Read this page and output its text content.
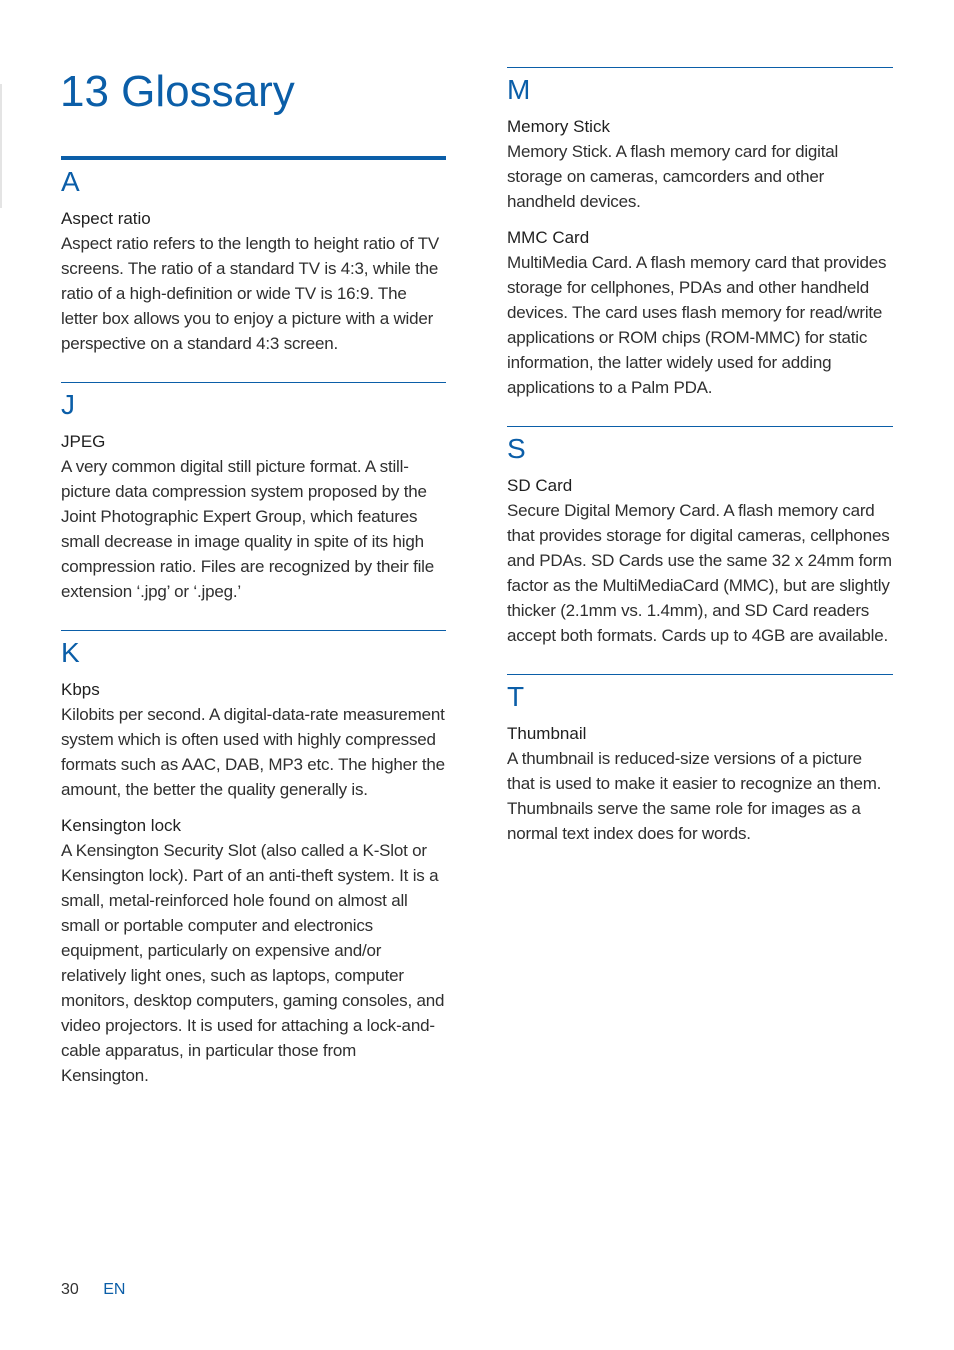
13 Glossary
A
Aspect ratio
Aspect ratio refers to the length to height ratio of TV screens. The ratio of a standard TV is 4:3, while the ratio of a high-definition or wide TV is 16:9. The letter box allows you to enjoy a picture with a wider perspective on a standard 4:3 screen.
J
JPEG
A very common digital still picture format. A still-picture data compression system proposed by the Joint Photographic Expert Group, which features small decrease in image quality in spite of its high compression ratio. Files are recognized by their file extension ‘.jpg’ or ‘.jpeg.’
K
Kbps
Kilobits per second. A digital-data-rate measurement system which is often used with highly compressed formats such as AAC, DAB, MP3 etc. The higher the amount, the better the quality generally is.
Kensington lock
A Kensington Security Slot (also called a K-Slot or Kensington lock). Part of an anti-theft system. It is a small, metal-reinforced hole found on almost all small or portable computer and electronics equipment, particularly on expensive and/or relatively light ones, such as laptops, computer monitors, desktop computers, gaming consoles, and video projectors. It is used for attaching a lock-and-cable apparatus, in particular those from Kensington.
M
Memory Stick
Memory Stick. A flash memory card for digital storage on cameras, camcorders and other handheld devices.
MMC Card
MultiMedia Card. A flash memory card that provides storage for cellphones, PDAs and other handheld devices. The card uses flash memory for read/write applications or ROM chips (ROM-MMC) for static information, the latter widely used for adding applications to a Palm PDA.
S
SD Card
Secure Digital Memory Card. A flash memory card that provides storage for digital cameras, cellphones and PDAs. SD Cards use the same 32 x 24mm form factor as the MultiMediaCard (MMC), but are slightly thicker (2.1mm vs. 1.4mm), and SD Card readers accept both formats. Cards up to 4GB are available.
T
Thumbnail
A thumbnail is reduced-size versions of a picture that is used to make it easier to recognize an them. Thumbnails serve the same role for images as a normal text index does for words.
30 EN
